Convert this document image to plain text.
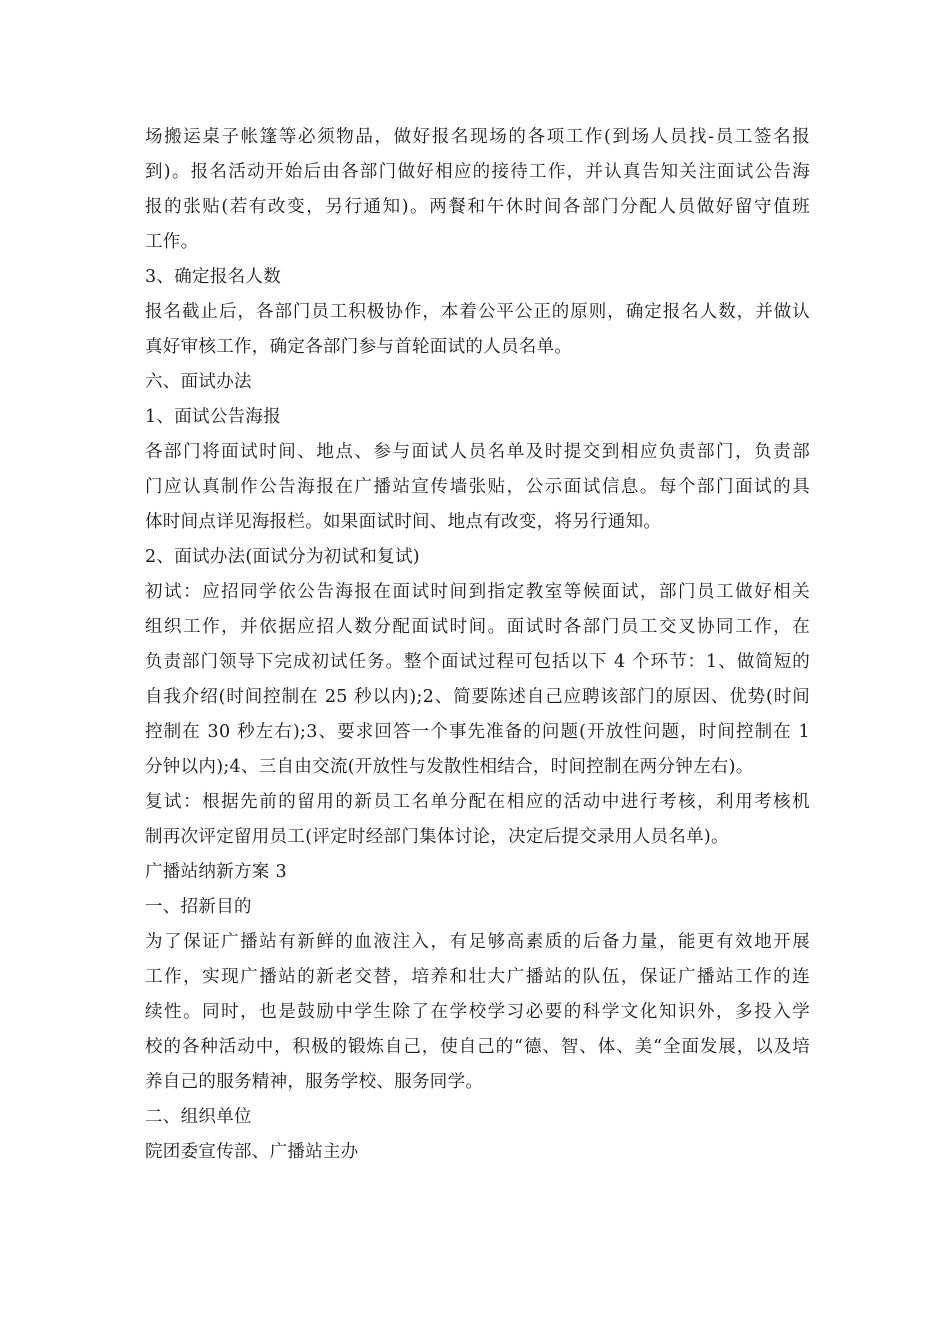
场搬运桌子帐篷等必须物品，做好报名现场的各项工作(到场人员找-员工签名报
到)。报名活动开始后由各部门做好相应的接待工作，并认真告知关注面试公告海
报的张贴(若有改变，另行通知)。两餐和午休时间各部门分配人员做好留守值班
工作。
3、确定报名人数
报名截止后，各部门员工积极协作，本着公平公正的原则，确定报名人数，并做认
真好审核工作，确定各部门参与首轮面试的人员名单。
六、面试办法
1、面试公告海报
各部门将面试时间、地点、参与面试人员名单及时提交到相应负责部门，负责部
门应认真制作公告海报在广播站宣传墙张贴，公示面试信息。每个部门面试的具
体时间点详见海报栏。如果面试时间、地点有改变，将另行通知。
2、面试办法(面试分为初试和复试)
初试：应招同学依公告海报在面试时间到指定教室等候面试，部门员工做好相关
组织工作，并依据应招人数分配面试时间。面试时各部门员工交叉协同工作，在
负责部门领导下完成初试任务。整个面试过程可包括以下 4 个环节：1、做简短的
自我介绍(时间控制在 25 秒以内);2、简要陈述自己应聘该部门的原因、优势(时间
控制在 30 秒左右);3、要求回答一个事先准备的问题(开放性问题，时间控制在 1
分钟以内);4、三自由交流(开放性与发散性相结合，时间控制在两分钟左右)。
复试：根据先前的留用的新员工名单分配在相应的活动中进行考核，利用考核机
制再次评定留用员工(评定时经部门集体讨论，决定后提交录用人员名单)。
广播站纳新方案 3
一、招新目的
为了保证广播站有新鲜的血液注入，有足够高素质的后备力量，能更有效地开展
工作，实现广播站的新老交替，培养和壮大广播站的队伍，保证广播站工作的连
续性。同时，也是鼓励中学生除了在学校学习必要的科学文化知识外，多投入学
校的各种活动中，积极的锻炼自己，使自己的“德、智、体、美“全面发展，以及培
养自己的服务精神，服务学校、服务同学。
二、组织单位
院团委宣传部、广播站主办
